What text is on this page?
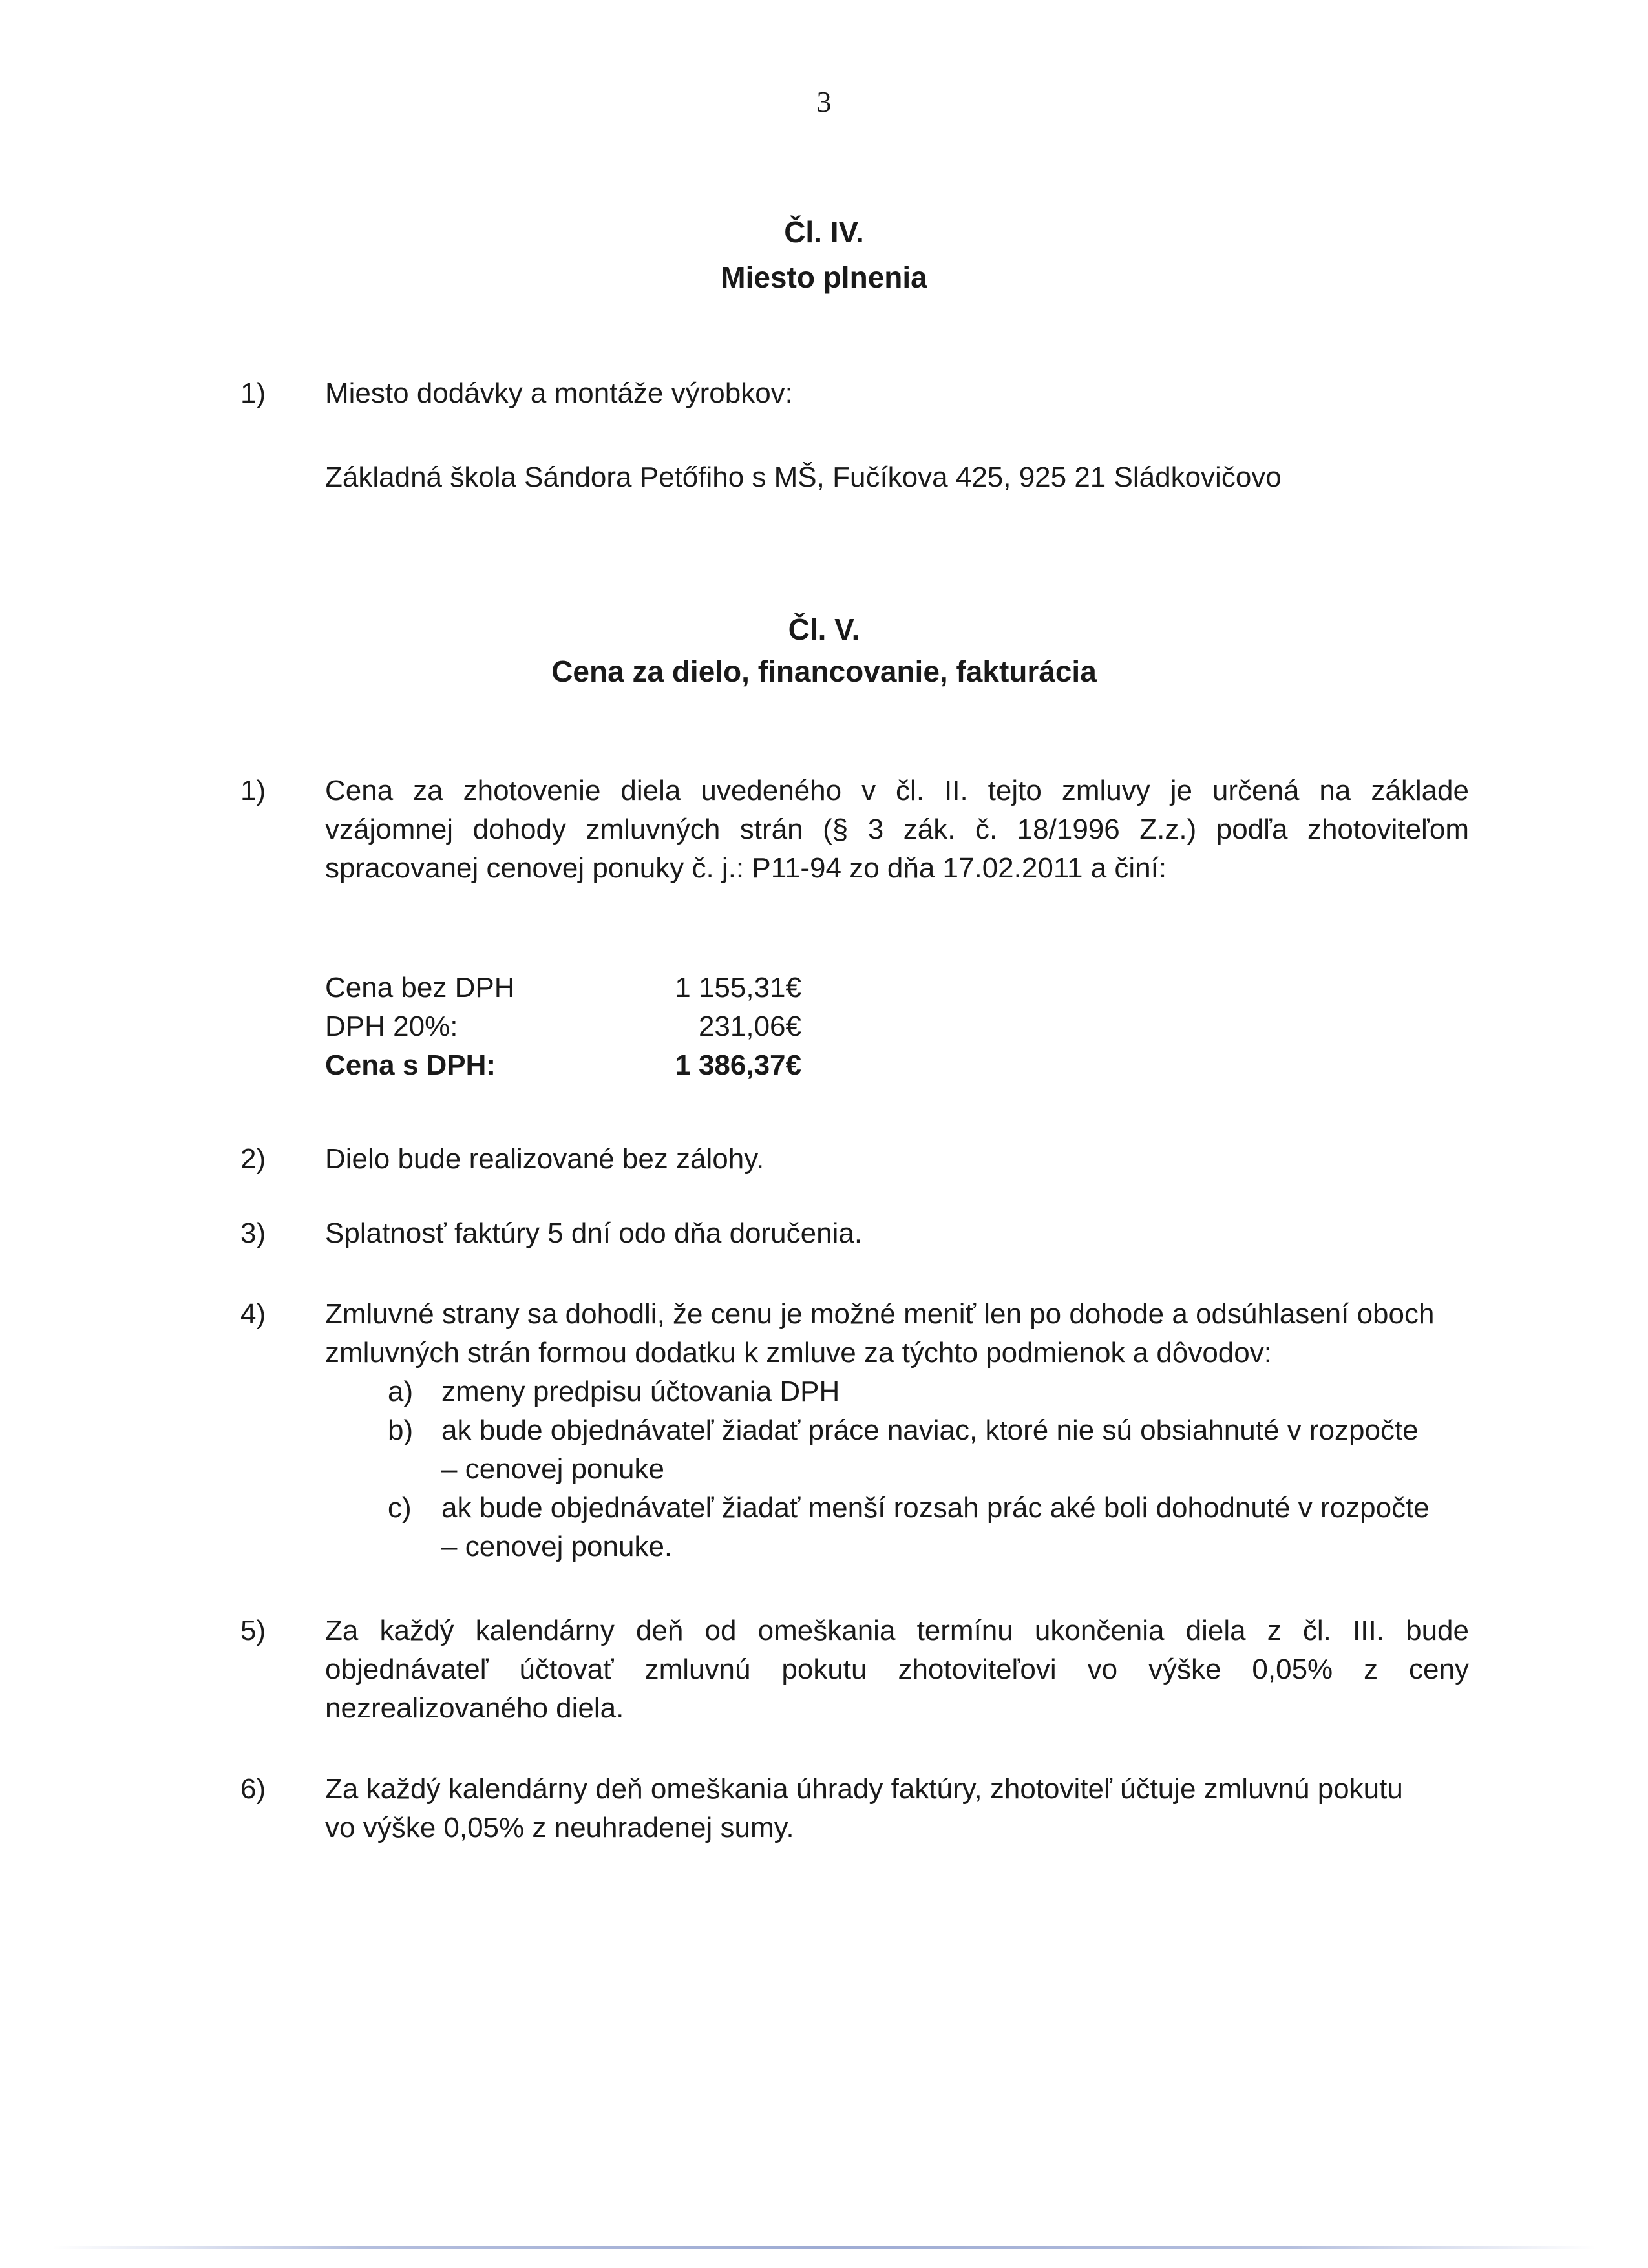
3
Čl. IV.
Miesto plnenia
1) Miesto dodávky a montáže výrobkov:
Základná škola Sándora Petőfiho s MŠ, Fučíkova 425, 925 21 Sládkovičovo
Čl. V.
Cena za dielo, financovanie, fakturácia
1) Cena za zhotovenie diela uvedeného v čl. II. tejto zmluvy je určená na základe
vzájomnej dohody zmluvných strán (§ 3 zák. č. 18/1996 Z.z.) podľa zhotoviteľom
spracovanej cenovej ponuky č. j.: P11-94 zo dňa 17.02.2011 a činí:
Cena bez DPH	1 155,31€
DPH 20%:	231,06€
Cena s DPH:	1 386,37€
2) Dielo bude realizované bez zálohy.
3) Splatnosť faktúry 5 dní odo dňa doručenia.
4) Zmluvné strany sa dohodli, že cenu je možné meniť len po dohode a odsúhlasení oboch
zmluvných strán formou dodatku k zmluve za týchto podmienok a dôvodov:
a) zmeny predpisu účtovania DPH
b) ak bude objednávateľ žiadať práce naviac, ktoré nie sú obsiahnuté v rozpočte
– cenovej ponuke
c) ak bude objednávateľ žiadať menší rozsah prác aké boli dohodnuté v rozpočte
– cenovej ponuke.
5) Za každý kalendárny deň od omeškania termínu ukončenia diela z čl. III. bude
objednávateľ účtovať zmluvnú pokutu zhotoviteľovi vo výške 0,05% z ceny
nezrealizovaného diela.
6) Za každý kalendárny deň omeškania úhrady faktúry, zhotoviteľ účtuje zmluvnú pokutu
vo výške 0,05% z neuhradenej sumy.
